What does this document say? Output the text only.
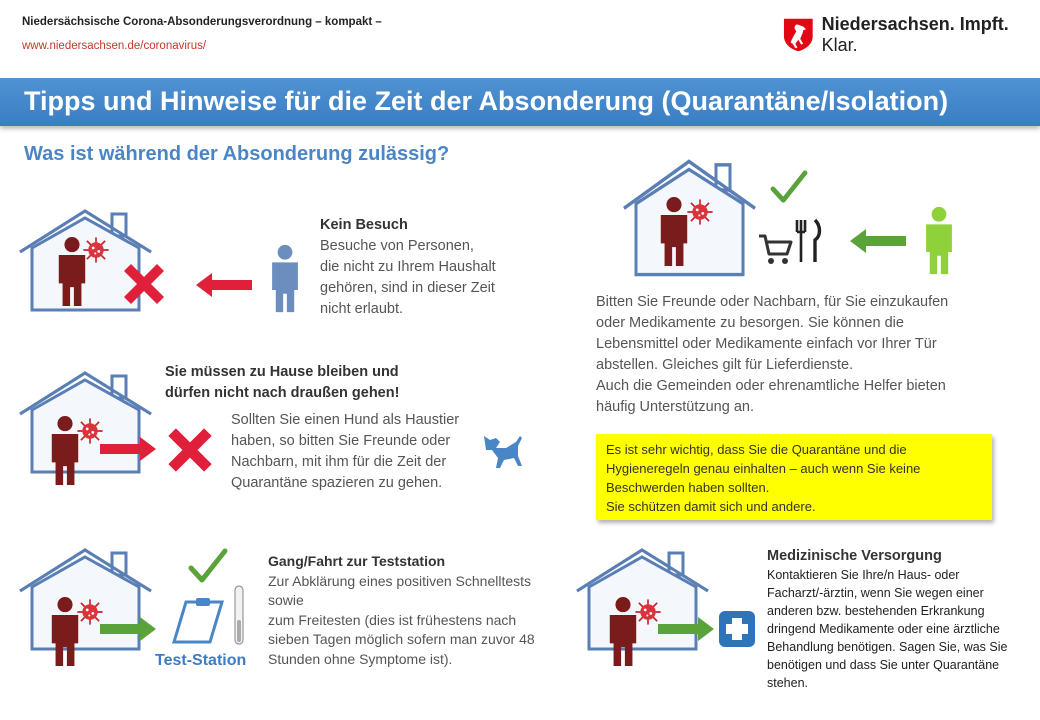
Niedersächsische Corona-Absonderungsverordnung – kompakt –
www.niedersachsen.de/coronavirus/
Niedersachsen. Impft. Klar.
Tipps und Hinweise für die Zeit der Absonderung (Quarantäne/Isolation)
Was ist während der Absonderung zulässig?
Kein Besuch
Besuche von Personen,
die nicht zu Ihrem Haushalt
gehören, sind in dieser Zeit
nicht erlaubt.
Sie müssen zu Hause bleiben und
dürfen nicht nach draußen gehen!
Sollten Sie einen Hund als Haustier
haben, so bitten Sie Freunde oder
Nachbarn, mit ihm für die Zeit der
Quarantäne spazieren zu gehen.
Test-Station
Gang/Fahrt zur Teststation
Zur Abklärung eines positiven Schnelltests
sowie
zum Freitesten (dies ist frühestens nach
sieben Tagen möglich sofern man zuvor 48
Stunden ohne Symptome ist).
Bitten Sie Freunde oder Nachbarn, für Sie einzukaufen
oder Medikamente zu besorgen. Sie können die
Lebensmittel oder Medikamente einfach vor Ihrer Tür
abstellen. Gleiches gilt für Lieferdienste.
Auch die Gemeinden oder ehrenamtliche Helfer bieten
häufig Unterstützung an.
Es ist sehr wichtig, dass Sie die Quarantäne und die
Hygieneregeln genau einhalten – auch wenn Sie keine
Beschwerden haben sollten.
Sie schützen damit sich und andere.
Medizinische Versorgung
Kontaktieren Sie Ihre/n Haus- oder
Facharzt/-ärztin, wenn Sie wegen einer
anderen bzw. bestehenden Erkrankung
dringend Medikamente oder eine ärztliche
Behandlung benötigen. Sagen Sie, was Sie
benötigen und dass Sie unter Quarantäne
stehen.
